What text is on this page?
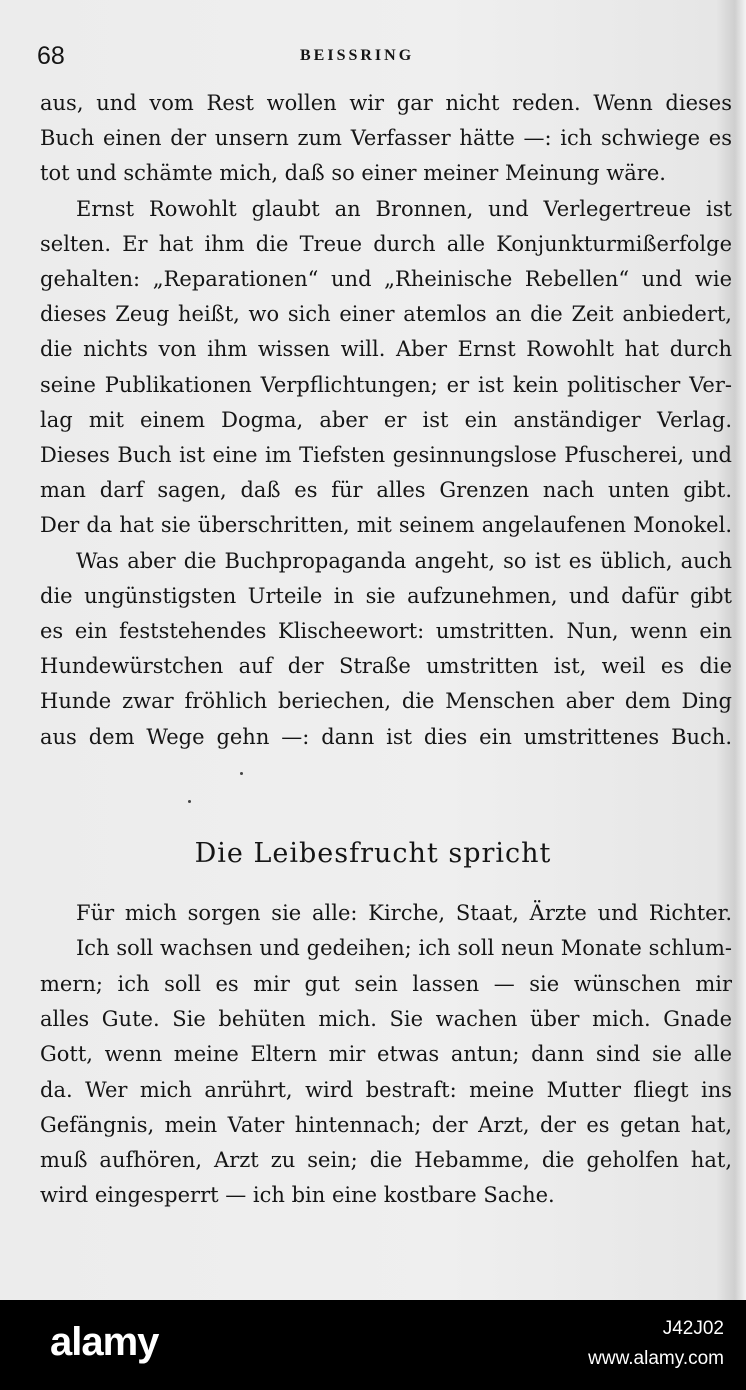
68	BEISSRING
aus, und vom Rest wollen wir gar nicht reden. Wenn dieses
Buch einen der unsern zum Verfasser hätte —: ich schwiege es
tot und schämte mich, daß so einer meiner Meinung wäre.
Ernst Rowohlt glaubt an Bronnen, und Verlegertreue ist
selten. Er hat ihm die Treue durch alle Konjunkturmißerfolge
gehalten: „Reparationen“ und „Rheinische Rebellen“ und wie
dieses Zeug heißt, wo sich einer atemlos an die Zeit anbiedert,
die nichts von ihm wissen will. Aber Ernst Rowohlt hat durch
seine Publikationen Verpflichtungen; er ist kein politischer Ver-
lag mit einem Dogma, aber er ist ein anständiger Verlag.
Dieses Buch ist eine im Tiefsten gesinnungslose Pfuscherei, und
man darf sagen, daß es für alles Grenzen nach unten gibt.
Der da hat sie überschritten, mit seinem angelaufenen Monokel.
Was aber die Buchpropaganda angeht, so ist es üblich, auch
die ungünstigsten Urteile in sie aufzunehmen, und dafür gibt
es ein feststehendes Klischeewort: umstritten. Nun, wenn ein
Hundewürstchen auf der Straße umstritten ist, weil es die
Hunde zwar fröhlich beriechen, die Menschen aber dem Ding
aus dem Wege gehn —: dann ist dies ein umstrittenes Buch.
Die Leibesfrucht spricht
Für mich sorgen sie alle: Kirche, Staat, Ärzte und Richter.
Ich soll wachsen und gedeihen; ich soll neun Monate schlum-
mern; ich soll es mir gut sein lassen — sie wünschen mir
alles Gute. Sie behüten mich. Sie wachen über mich. Gnade
Gott, wenn meine Eltern mir etwas antun; dann sind sie alle
da. Wer mich anrührt, wird bestraft: meine Mutter fliegt ins
Gefängnis, mein Vater hintennach; der Arzt, der es getan hat,
muß aufhören, Arzt zu sein; die Hebamme, die geholfen hat,
wird eingesperrt — ich bin eine kostbare Sache.
alamy	J42J02
www.alamy.com
